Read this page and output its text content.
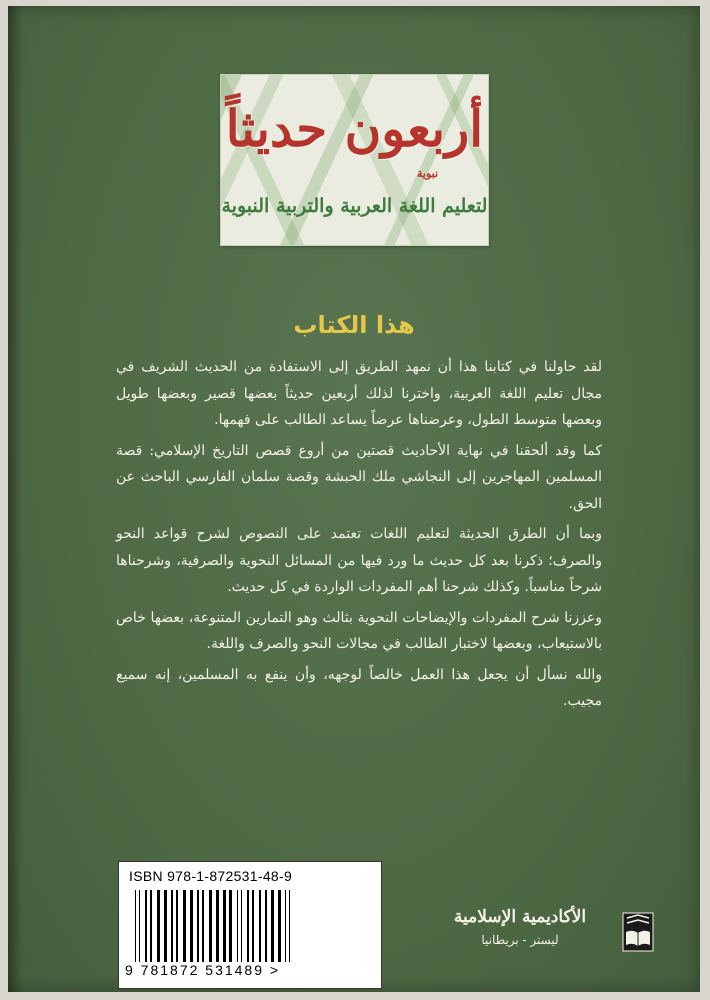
أربعون حديثاً
نبوية
لتعليم اللغة العربية والتربية النبوية
هذا الكتاب

لقد حاولنا في كتابنا هذا أن نمهد الطريق إلى الاستفادة من الحديث الشريف في مجال تعليم اللغة العربية، واخترنا لذلك أربعين حديثاً بعضها قصير وبعضها طويل وبعضها متوسط الطول، وعرضناها عرضاً يساعد الطالب على فهمها.

كما وقد ألحقنا في نهاية الأحاديث قصتين من أروع قصص التاريخ الإسلامي: قصة المسلمين المهاجرين إلى النجاشي ملك الحبشة وقصة سلمان الفارسي الباحث عن الحق.

وبما أن الطرق الحديثة لتعليم اللغات تعتمد على النصوص لشرح قواعد النحو والصرف؛ ذكرنا بعد كل حديث ما ورد فيها من المسائل النحوية والصرفية، وشرحناها شرحاً مناسباً. وكذلك شرحنا أهم المفردات الواردة في كل حديث.

وعززنا شرح المفردات والإيضاحات النحوية بثالث وهو التمارين المتنوعة، بعضها خاص بالاستيعاب، وبعضها لاختبار الطالب في مجالات النحو والصرف واللغة.

والله نسأل أن يجعل هذا العمل خالصاً لوجهه، وأن ينفع به المسلمين، إنه سميع مجيب.

ISBN 978-1-872531-48-9
9 781872 531489 >
الأكاديمية الإسلامية
ليستر - بريطانيا
